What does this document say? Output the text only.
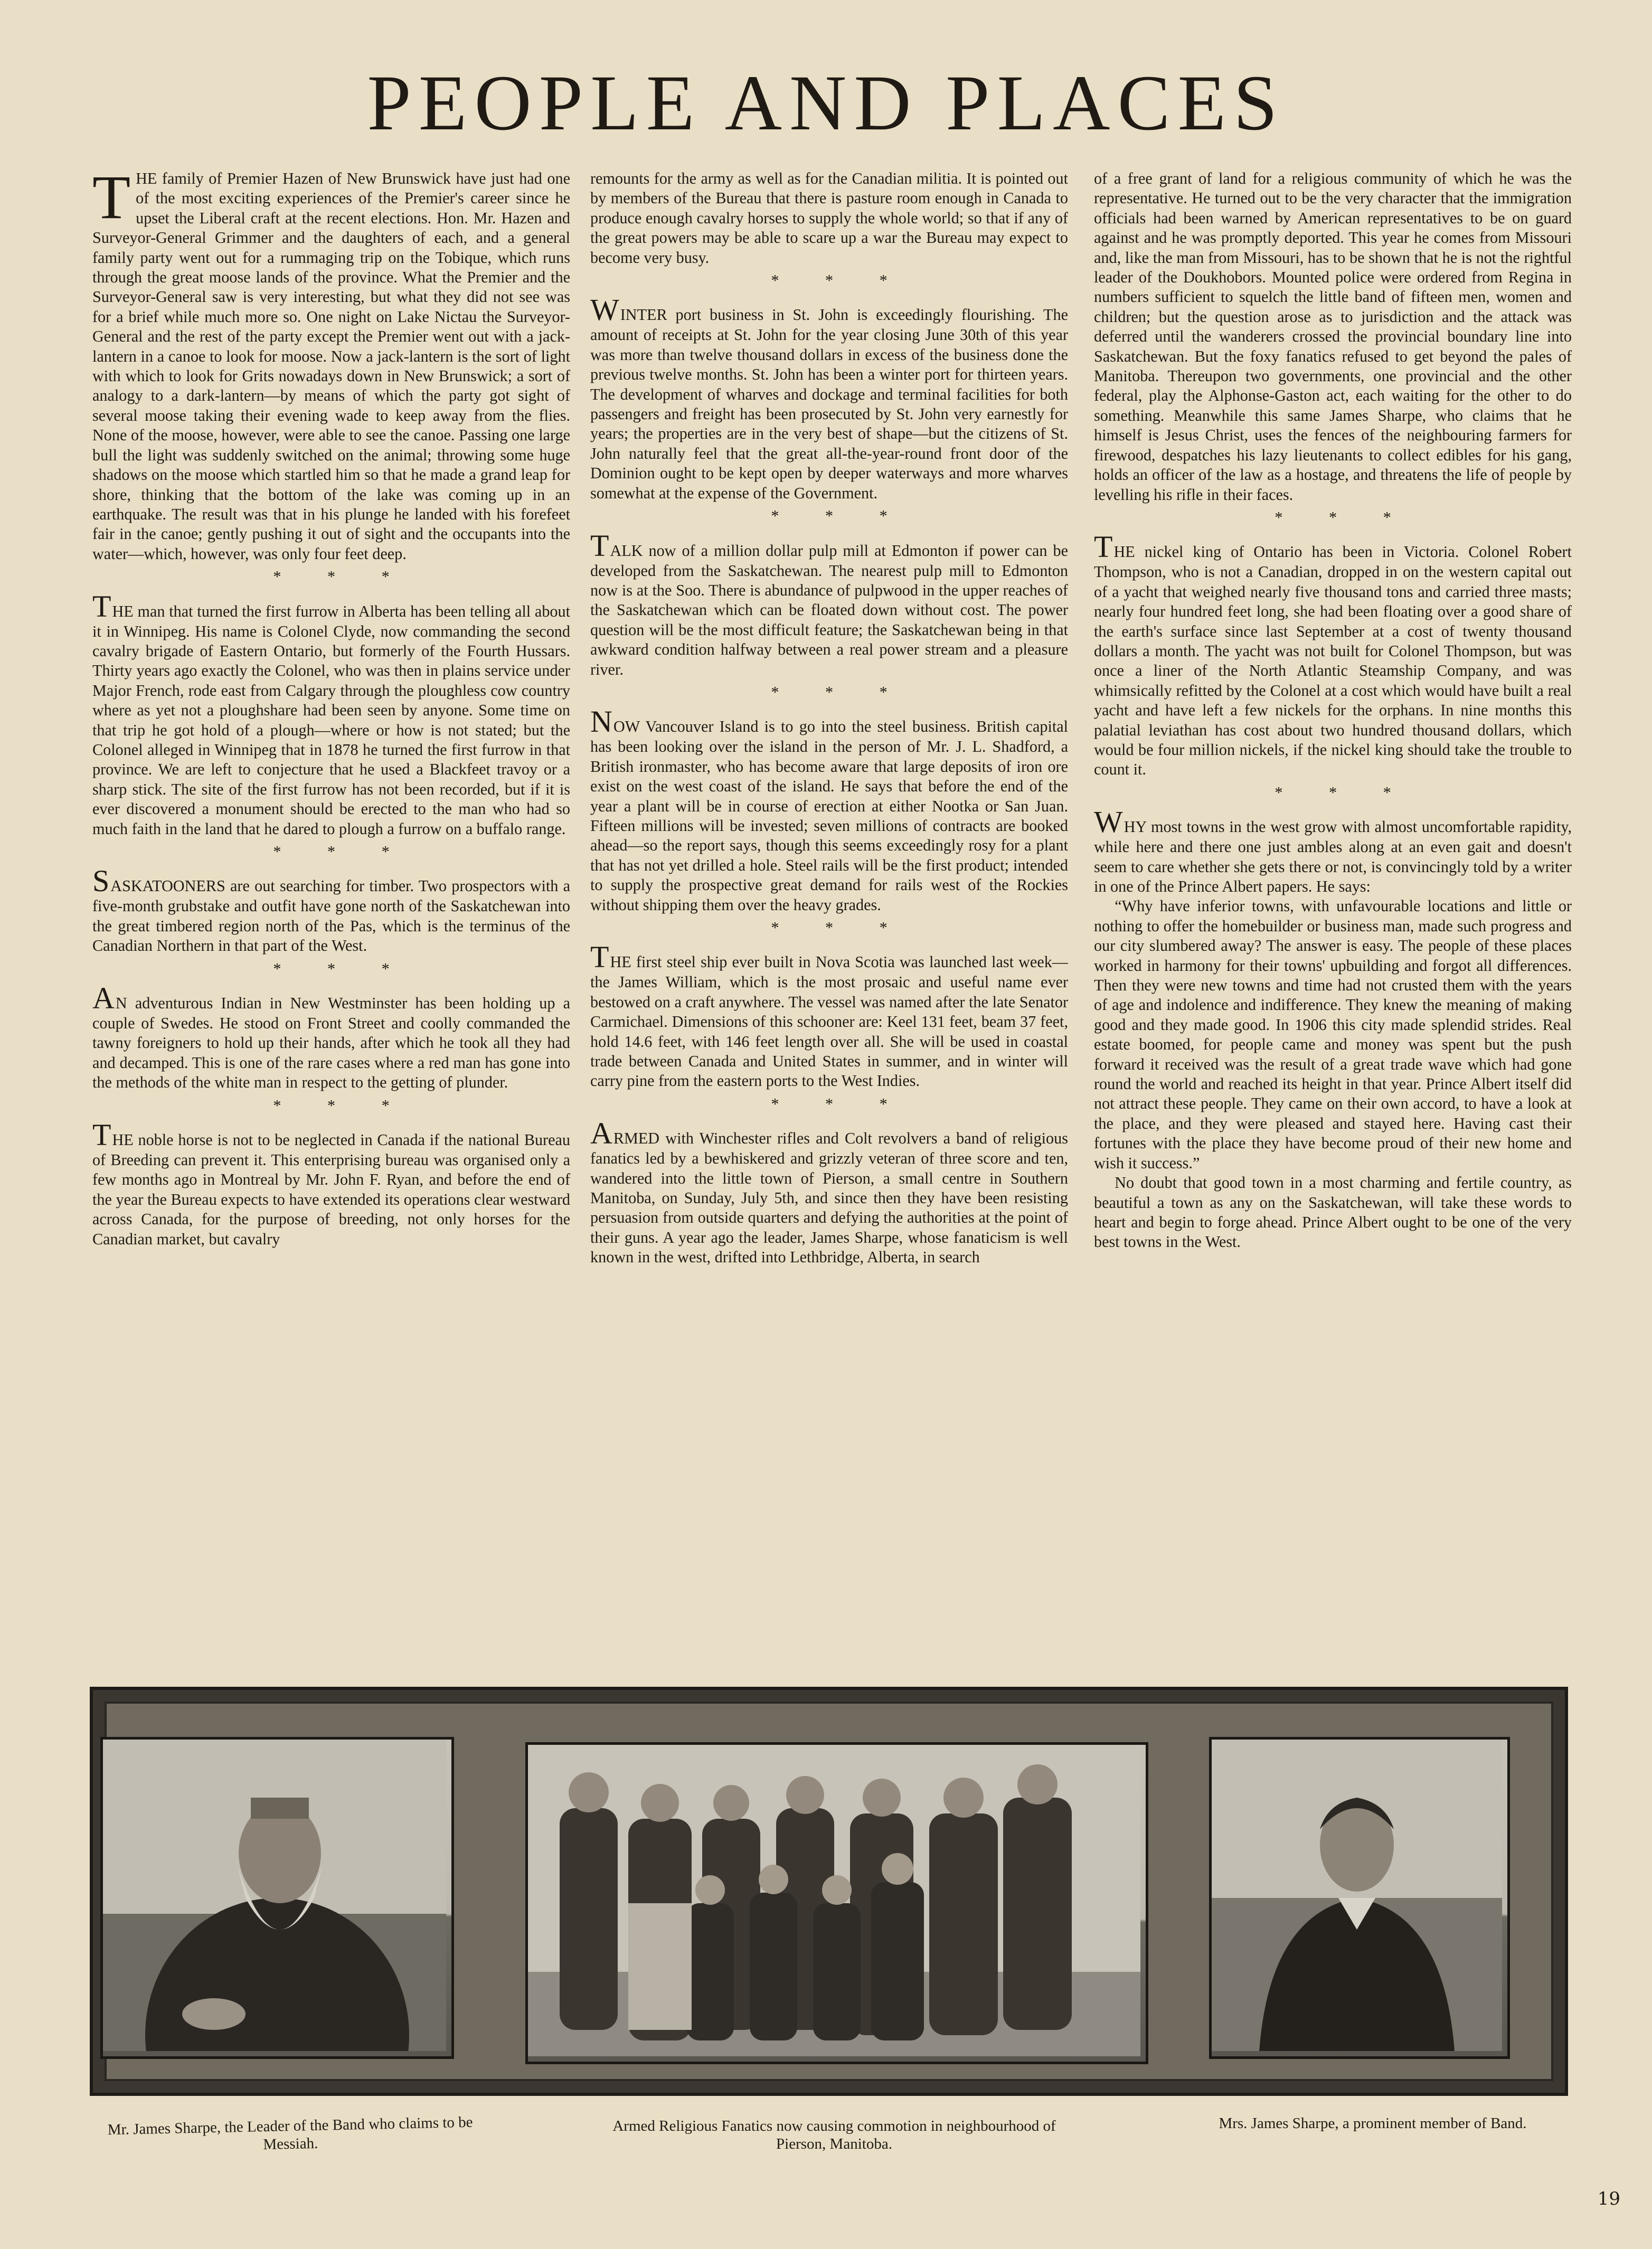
PEOPLE AND PLACES

THE family of Premier Hazen of New Brunswick have just had one of the most exciting experiences of the Premier's career since he upset the Liberal craft at the recent elections. Hon. Mr. Hazen and Surveyor-General Grimmer and the daughters of each, and a general family party went out for a rummaging trip on the Tobique, which runs through the great moose lands of the province. What the Premier and the Surveyor-General saw is very interesting, but what they did not see was for a brief while much more so. One night on Lake Nictau the Surveyor-General and the rest of the party except the Premier went out with a jack-lantern in a canoe to look for moose. Now a jack-lantern is the sort of light with which to look for Grits nowadays down in New Brunswick; a sort of analogy to a dark-lantern—by means of which the party got sight of several moose taking their evening wade to keep away from the flies. None of the moose, however, were able to see the canoe. Passing one large bull the light was suddenly switched on the animal; throwing some huge shadows on the moose which startled him so that he made a grand leap for shore, thinking that the bottom of the lake was coming up in an earthquake. The result was that in his plunge he landed with his forefeet fair in the canoe; gently pushing it out of sight and the occupants into the water—which, however, was only four feet deep.

* * *

THE man that turned the first furrow in Alberta has been telling all about it in Winnipeg. His name is Colonel Clyde, now commanding the second cavalry brigade of Eastern Ontario, but formerly of the Fourth Hussars. Thirty years ago exactly the Colonel, who was then in plains service under Major French, rode east from Calgary through the ploughless cow country where as yet not a ploughshare had been seen by anyone. Some time on that trip he got hold of a plough—where or how is not stated; but the Colonel alleged in Winnipeg that in 1878 he turned the first furrow in that province. We are left to conjecture that he used a Blackfeet travoy or a sharp stick. The site of the first furrow has not been recorded, but if it is ever discovered a monument should be erected to the man who had so much faith in the land that he dared to plough a furrow on a buffalo range.

* * *

SASKATOONERS are out searching for timber. Two prospectors with a five-month grubstake and outfit have gone north of the Saskatchewan into the great timbered region north of the Pas, which is the terminus of the Canadian Northern in that part of the West.

* * *

AN adventurous Indian in New Westminster has been holding up a couple of Swedes. He stood on Front Street and coolly commanded the tawny foreigners to hold up their hands, after which he took all they had and decamped. This is one of the rare cases where a red man has gone into the methods of the white man in respect to the getting of plunder.

* * *

THE noble horse is not to be neglected in Canada if the national Bureau of Breeding can prevent it. This enterprising bureau was organised only a few months ago in Montreal by Mr. John F. Ryan, and before the end of the year the Bureau expects to have extended its operations clear westward across Canada, for the purpose of breeding, not only horses for the Canadian market, but cavalry

remounts for the army as well as for the Canadian militia. It is pointed out by members of the Bureau that there is pasture room enough in Canada to produce enough cavalry horses to supply the whole world; so that if any of the great powers may be able to scare up a war the Bureau may expect to become very busy.

* * *

WINTER port business in St. John is exceedingly flourishing. The amount of receipts at St. John for the year closing June 30th of this year was more than twelve thousand dollars in excess of the business done the previous twelve months. St. John has been a winter port for thirteen years. The development of wharves and dockage and terminal facilities for both passengers and freight has been prosecuted by St. John very earnestly for years; the properties are in the very best of shape—but the citizens of St. John naturally feel that the great all-the-year-round front door of the Dominion ought to be kept open by deeper waterways and more wharves somewhat at the expense of the Government.

* * *

TALK now of a million dollar pulp mill at Edmonton if power can be developed from the Saskatchewan. The nearest pulp mill to Edmonton now is at the Soo. There is abundance of pulpwood in the upper reaches of the Saskatchewan which can be floated down without cost. The power question will be the most difficult feature; the Saskatchewan being in that awkward condition halfway between a real power stream and a pleasure river.

* * *

NOW Vancouver Island is to go into the steel business. British capital has been looking over the island in the person of Mr. J. L. Shadford, a British ironmaster, who has become aware that large deposits of iron ore exist on the west coast of the island. He says that before the end of the year a plant will be in course of erection at either Nootka or San Juan. Fifteen millions will be invested; seven millions of contracts are booked ahead—so the report says, though this seems exceedingly rosy for a plant that has not yet drilled a hole. Steel rails will be the first product; intended to supply the prospective great demand for rails west of the Rockies without shipping them over the heavy grades.

* * *

THE first steel ship ever built in Nova Scotia was launched last week—the James William, which is the most prosaic and useful name ever bestowed on a craft anywhere. The vessel was named after the late Senator Carmichael. Dimensions of this schooner are: Keel 131 feet, beam 37 feet, hold 14.6 feet, with 146 feet length over all. She will be used in coastal trade between Canada and United States in summer, and in winter will carry pine from the eastern ports to the West Indies.

* * *

ARMED with Winchester rifles and Colt revolvers a band of religious fanatics led by a bewhiskered and grizzly veteran of three score and ten, wandered into the little town of Pierson, a small centre in Southern Manitoba, on Sunday, July 5th, and since then they have been resisting persuasion from outside quarters and defying the authorities at the point of their guns. A year ago the leader, James Sharpe, whose fanaticism is well known in the west, drifted into Lethbridge, Alberta, in search

of a free grant of land for a religious community of which he was the representative. He turned out to be the very character that the immigration officials had been warned by American representatives to be on guard against and he was promptly deported. This year he comes from Missouri and, like the man from Missouri, has to be shown that he is not the rightful leader of the Doukhobors. Mounted police were ordered from Regina in numbers sufficient to squelch the little band of fifteen men, women and children; but the question arose as to jurisdiction and the attack was deferred until the wanderers crossed the provincial boundary line into Saskatchewan. But the foxy fanatics refused to get beyond the pales of Manitoba. Thereupon two governments, one provincial and the other federal, play the Alphonse-Gaston act, each waiting for the other to do something. Meanwhile this same James Sharpe, who claims that he himself is Jesus Christ, uses the fences of the neighbouring farmers for firewood, despatches his lazy lieutenants to collect edibles for his gang, holds an officer of the law as a hostage, and threatens the life of people by levelling his rifle in their faces.

* * *

THE nickel king of Ontario has been in Victoria. Colonel Robert Thompson, who is not a Canadian, dropped in on the western capital out of a yacht that weighed nearly five thousand tons and carried three masts; nearly four hundred feet long, she had been floating over a good share of the earth's surface since last September at a cost of twenty thousand dollars a month. The yacht was not built for Colonel Thompson, but was once a liner of the North Atlantic Steamship Company, and was whimsically refitted by the Colonel at a cost which would have built a real yacht and have left a few nickels for the orphans. In nine months this palatial leviathan has cost about two hundred thousand dollars, which would be four million nickels, if the nickel king should take the trouble to count it.

* * *

WHY most towns in the west grow with almost uncomfortable rapidity, while here and there one just ambles along at an even gait and doesn't seem to care whether she gets there or not, is convincingly told by a writer in one of the Prince Albert papers. He says:

“Why have inferior towns, with unfavourable locations and little or nothing to offer the homebuilder or business man, made such progress and our city slumbered away? The answer is easy. The people of these places worked in harmony for their towns' upbuilding and forgot all differences. Then they were new towns and time had not crusted them with the years of age and indolence and indifference. They knew the meaning of making good and they made good. In 1906 this city made splendid strides. Real estate boomed, for people came and money was spent but the push forward it received was the result of a great trade wave which had gone round the world and reached its height in that year. Prince Albert itself did not attract these people. They came on their own accord, to have a look at the place, and they were pleased and stayed here. Having cast their fortunes with the place they have become proud of their new home and wish it success.”

No doubt that good town in a most charming and fertile country, as beautiful a town as any on the Saskatchewan, will take these words to heart and begin to forge ahead. Prince Albert ought to be one of the very best towns in the West.

Mr. James Sharpe, the Leader of the Band who claims to be Messiah.
Armed Religious Fanatics now causing commotion in neighbourhood of Pierson, Manitoba.
Mrs. James Sharpe, a prominent member of Band.
19
